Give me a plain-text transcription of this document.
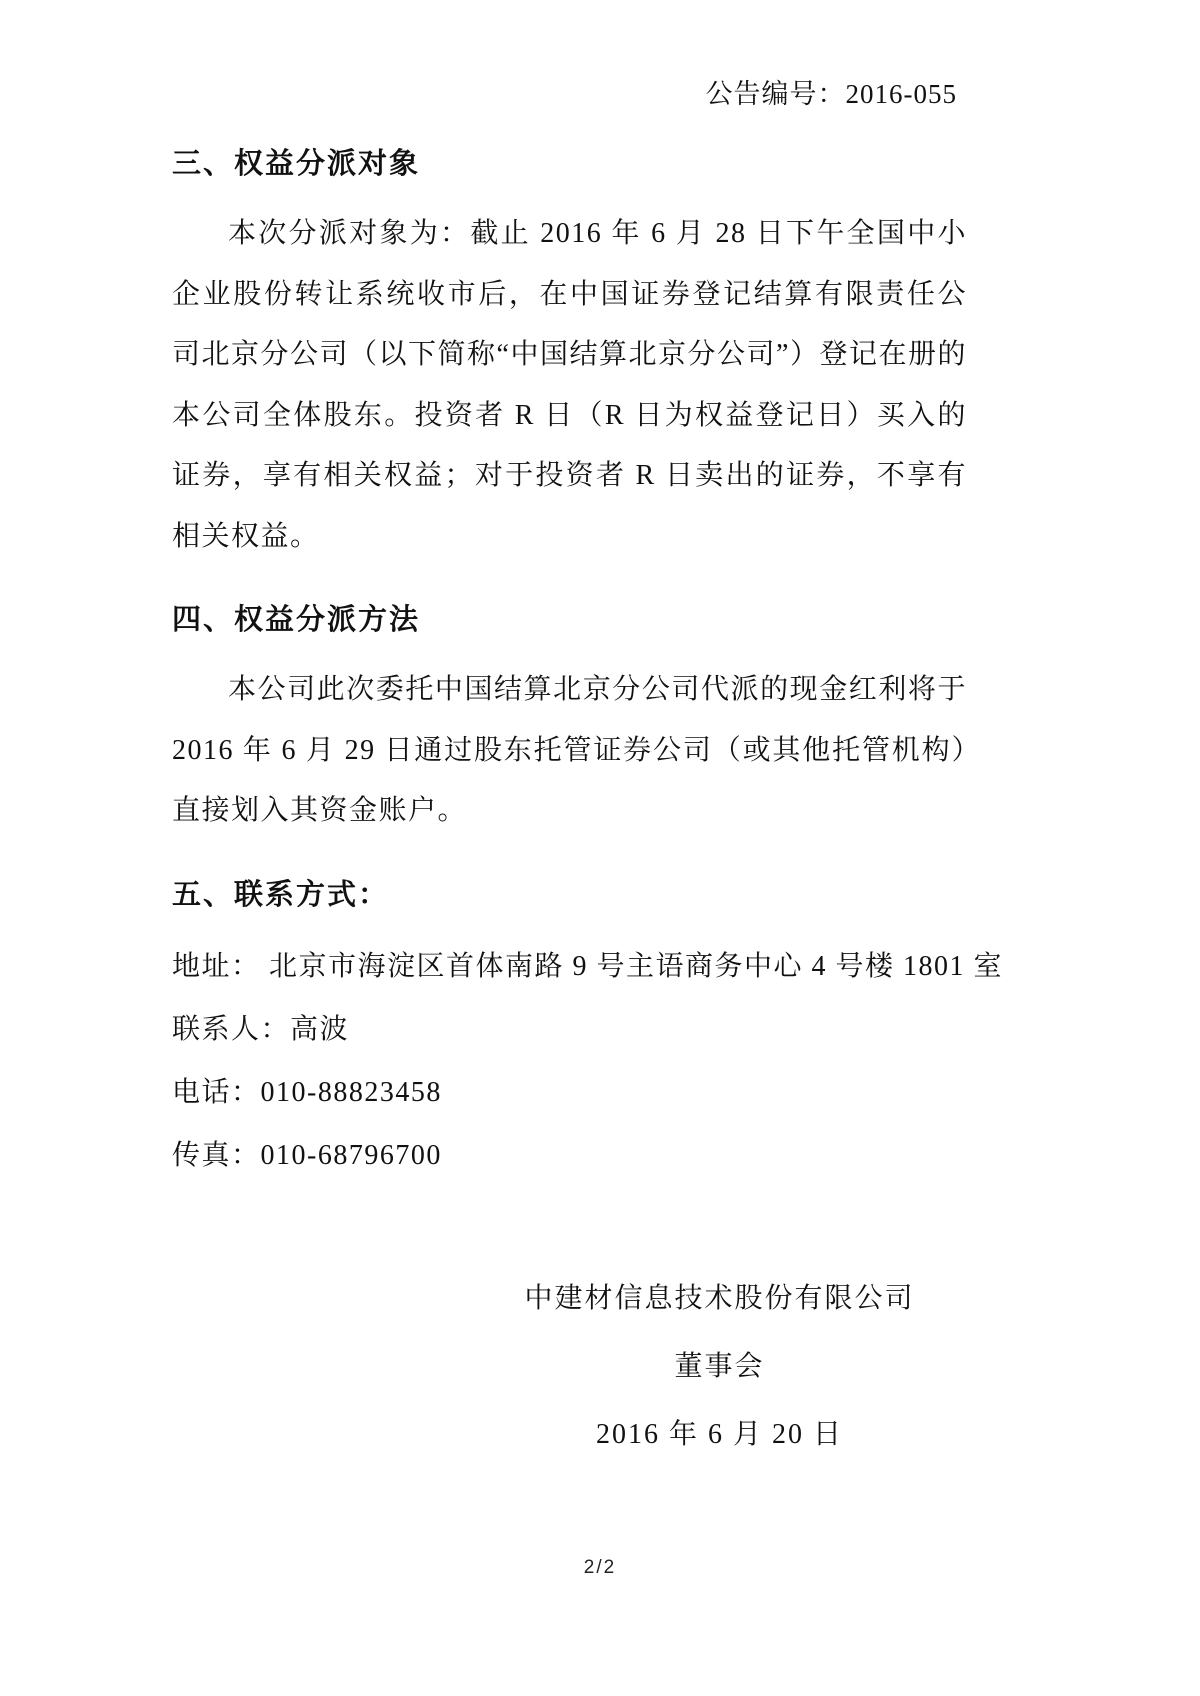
公告编号：2016-055
三、权益分派对象

本次分派对象为：截止 2016 年 6 月 28 日下午全国中小企业股份转让系统收市后，在中国证券登记结算有限责任公司北京分公司（以下简称“中国结算北京分公司”）登记在册的本公司全体股东。投资者 R 日（R 日为权益登记日）买入的证券，享有相关权益；对于投资者 R 日卖出的证券，不享有相关权益。

四、权益分派方法

本公司此次委托中国结算北京分公司代派的现金红利将于 2016 年 6 月 29 日通过股东托管证券公司（或其他托管机构）直接划入其资金账户。

五、联系方式：
地址： 北京市海淀区首体南路 9 号主语商务中心 4 号楼 1801 室
联系人：高波
电话：010-88823458
传真：010-68796700
中建材信息技术股份有限公司
董事会
2016 年 6 月 20 日
2/2
